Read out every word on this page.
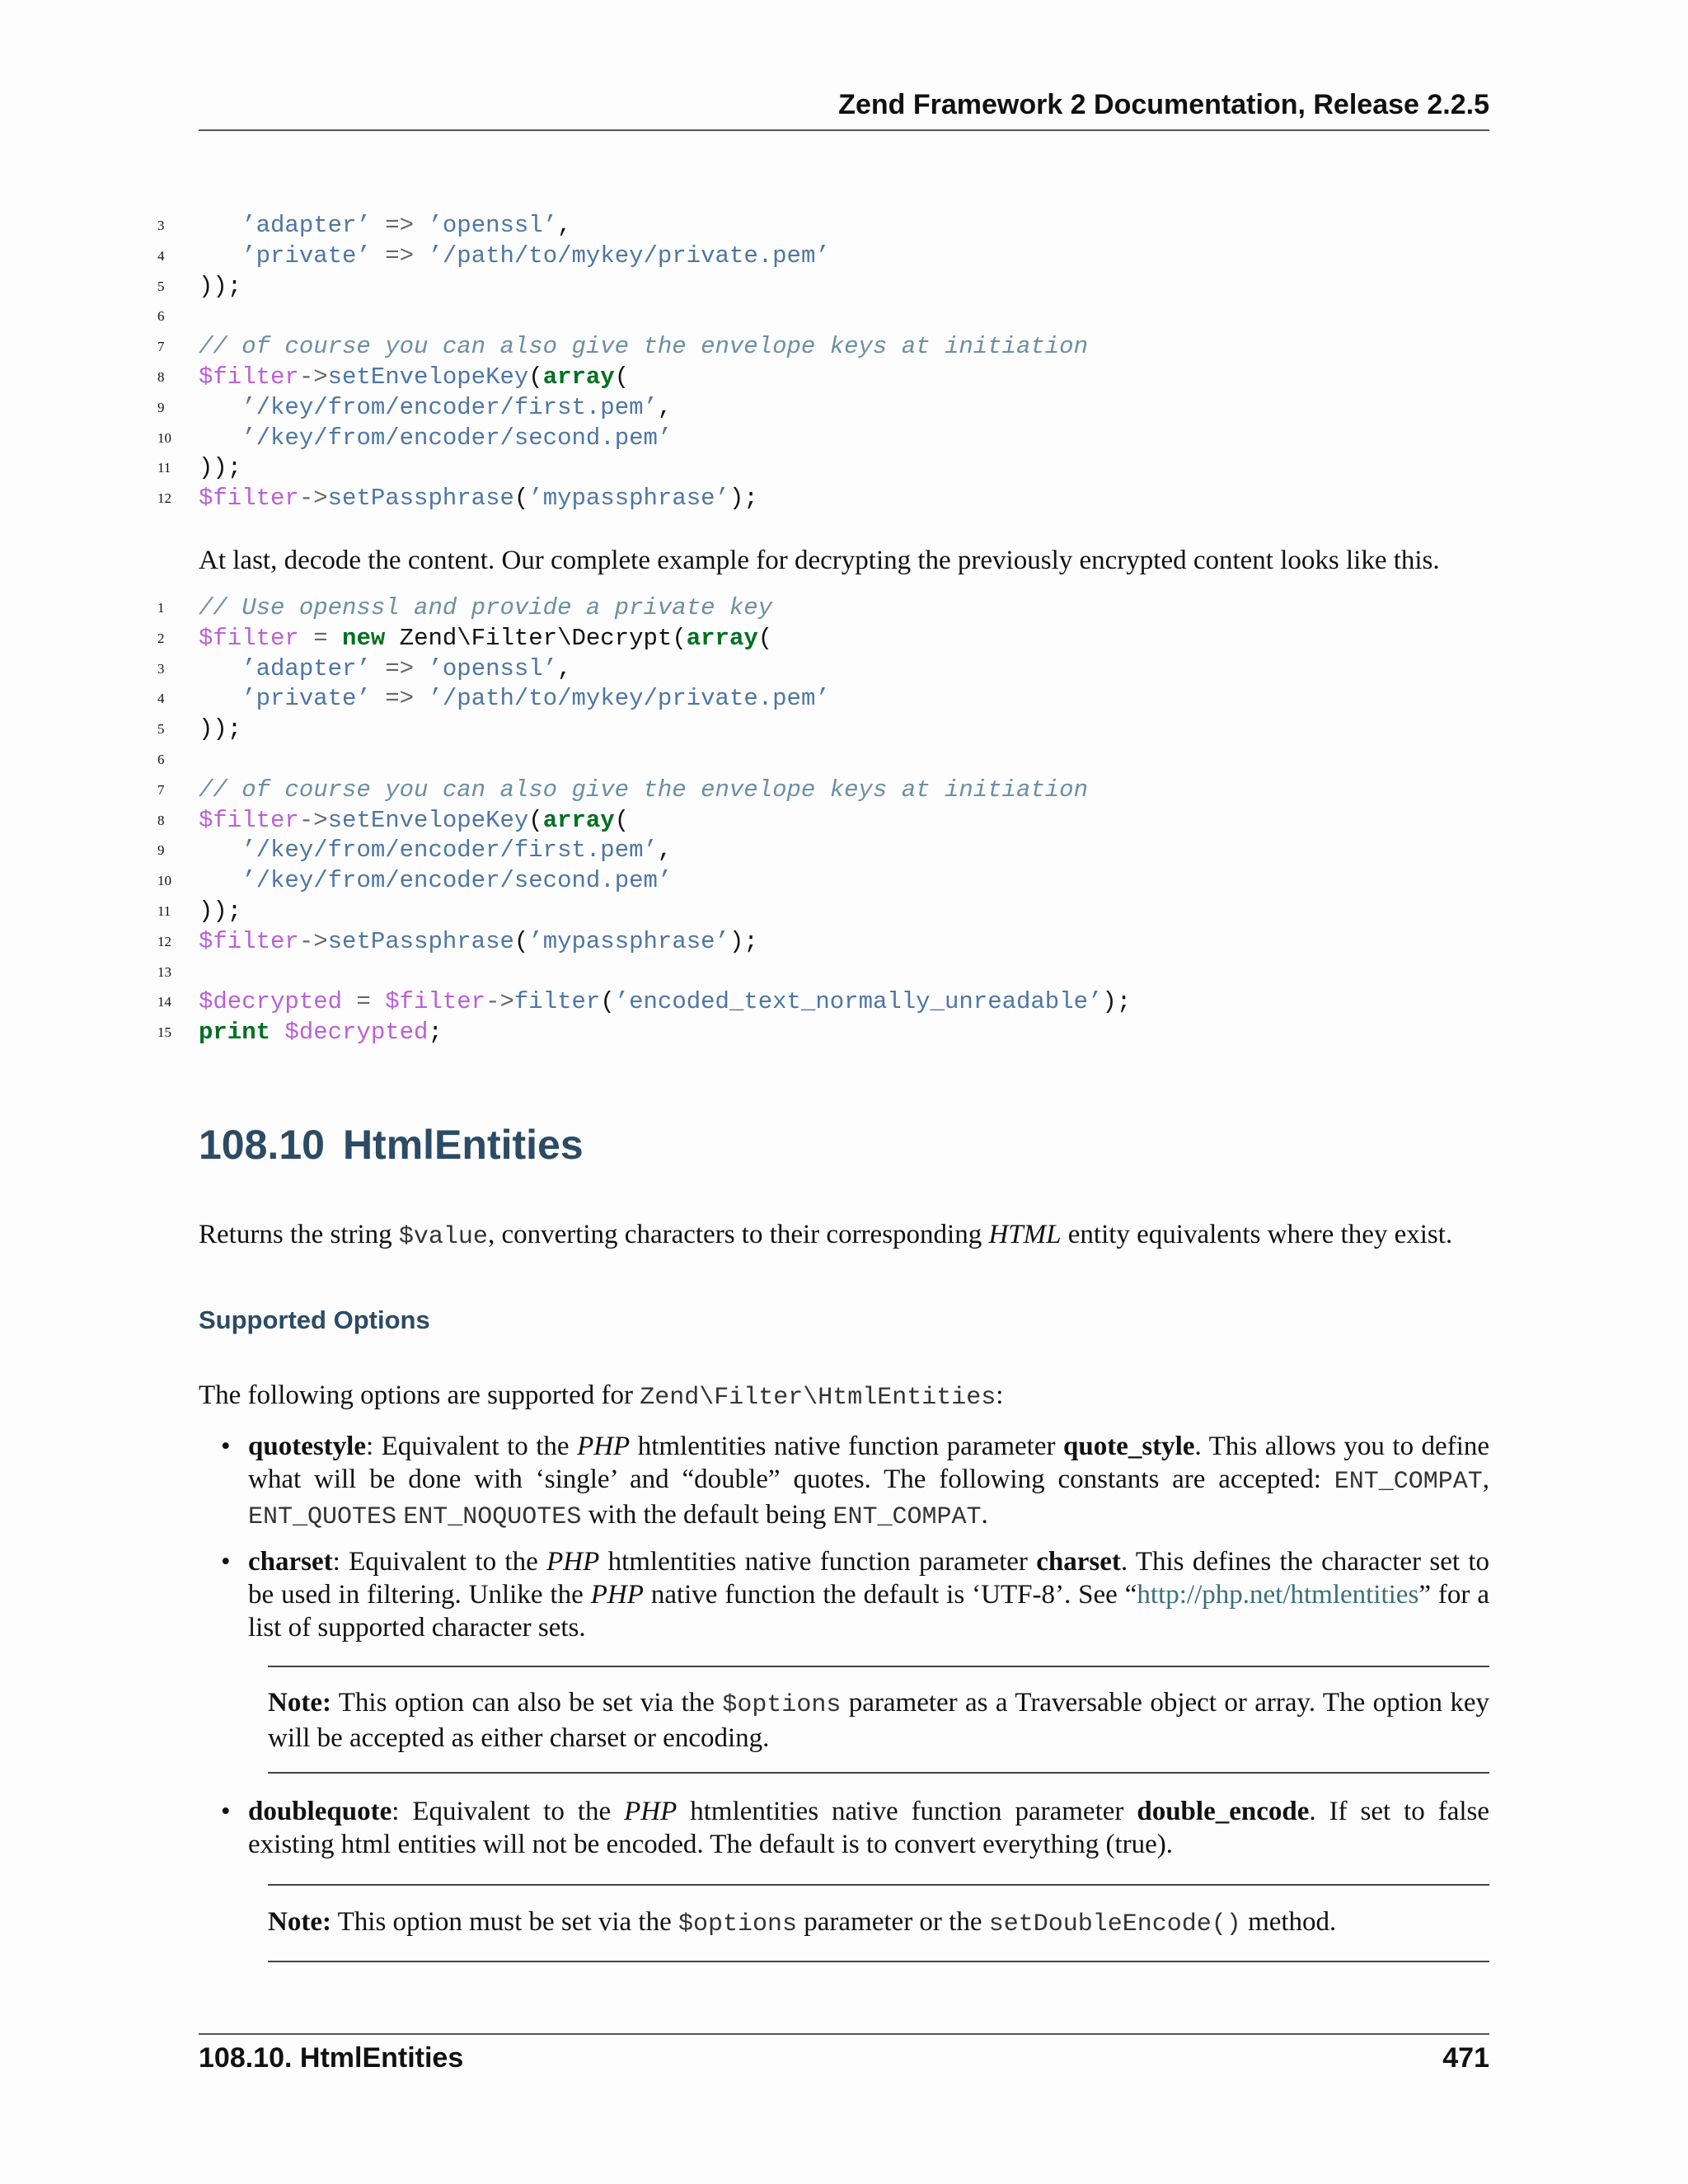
Zend Framework 2 Documentation, Release 2.2.5
3	’adapter’ => ’openssl’,
4	’private’ => ’/path/to/mykey/private.pem’
5	));
6
7	// of course you can also give the envelope keys at initiation
8	$filter->setEnvelopeKey(array(
9	’/key/from/encoder/first.pem’,
10	’/key/from/encoder/second.pem’
11	));
12	$filter->setPassphrase(’mypassphrase’);
At last, decode the content. Our complete example for decrypting the previously encrypted content looks like this.
1	// Use openssl and provide a private key
2	$filter = new Zend\Filter\Decrypt(array(
3	’adapter’ => ’openssl’,
4	’private’ => ’/path/to/mykey/private.pem’
5	));
6
7	// of course you can also give the envelope keys at initiation
8	$filter->setEnvelopeKey(array(
9	’/key/from/encoder/first.pem’,
10	’/key/from/encoder/second.pem’
11	));
12	$filter->setPassphrase(’mypassphrase’);
13
14	$decrypted = $filter->filter(’encoded_text_normally_unreadable’);
15	print $decrypted;
108.10 HtmlEntities
Returns the string $value, converting characters to their corresponding HTML entity equivalents where they exist.
Supported Options
The following options are supported for Zend\Filter\HtmlEntities:
• quotestyle: Equivalent to the PHP htmlentities native function parameter quote_style. This allows you to define what will be done with ‘single’ and “double” quotes. The following constants are accepted: ENT_COMPAT, ENT_QUOTES ENT_NOQUOTES with the default being ENT_COMPAT.
• charset: Equivalent to the PHP htmlentities native function parameter charset. This defines the character set to be used in filtering. Unlike the PHP native function the default is ‘UTF-8’. See “http://php.net/htmlentities” for a list of supported character sets.
Note: This option can also be set via the $options parameter as a Traversable object or array. The option key will be accepted as either charset or encoding.
• doublequote: Equivalent to the PHP htmlentities native function parameter double_encode. If set to false existing html entities will not be encoded. The default is to convert everything (true).
Note: This option must be set via the $options parameter or the setDoubleEncode() method.
108.10. HtmlEntities	471
